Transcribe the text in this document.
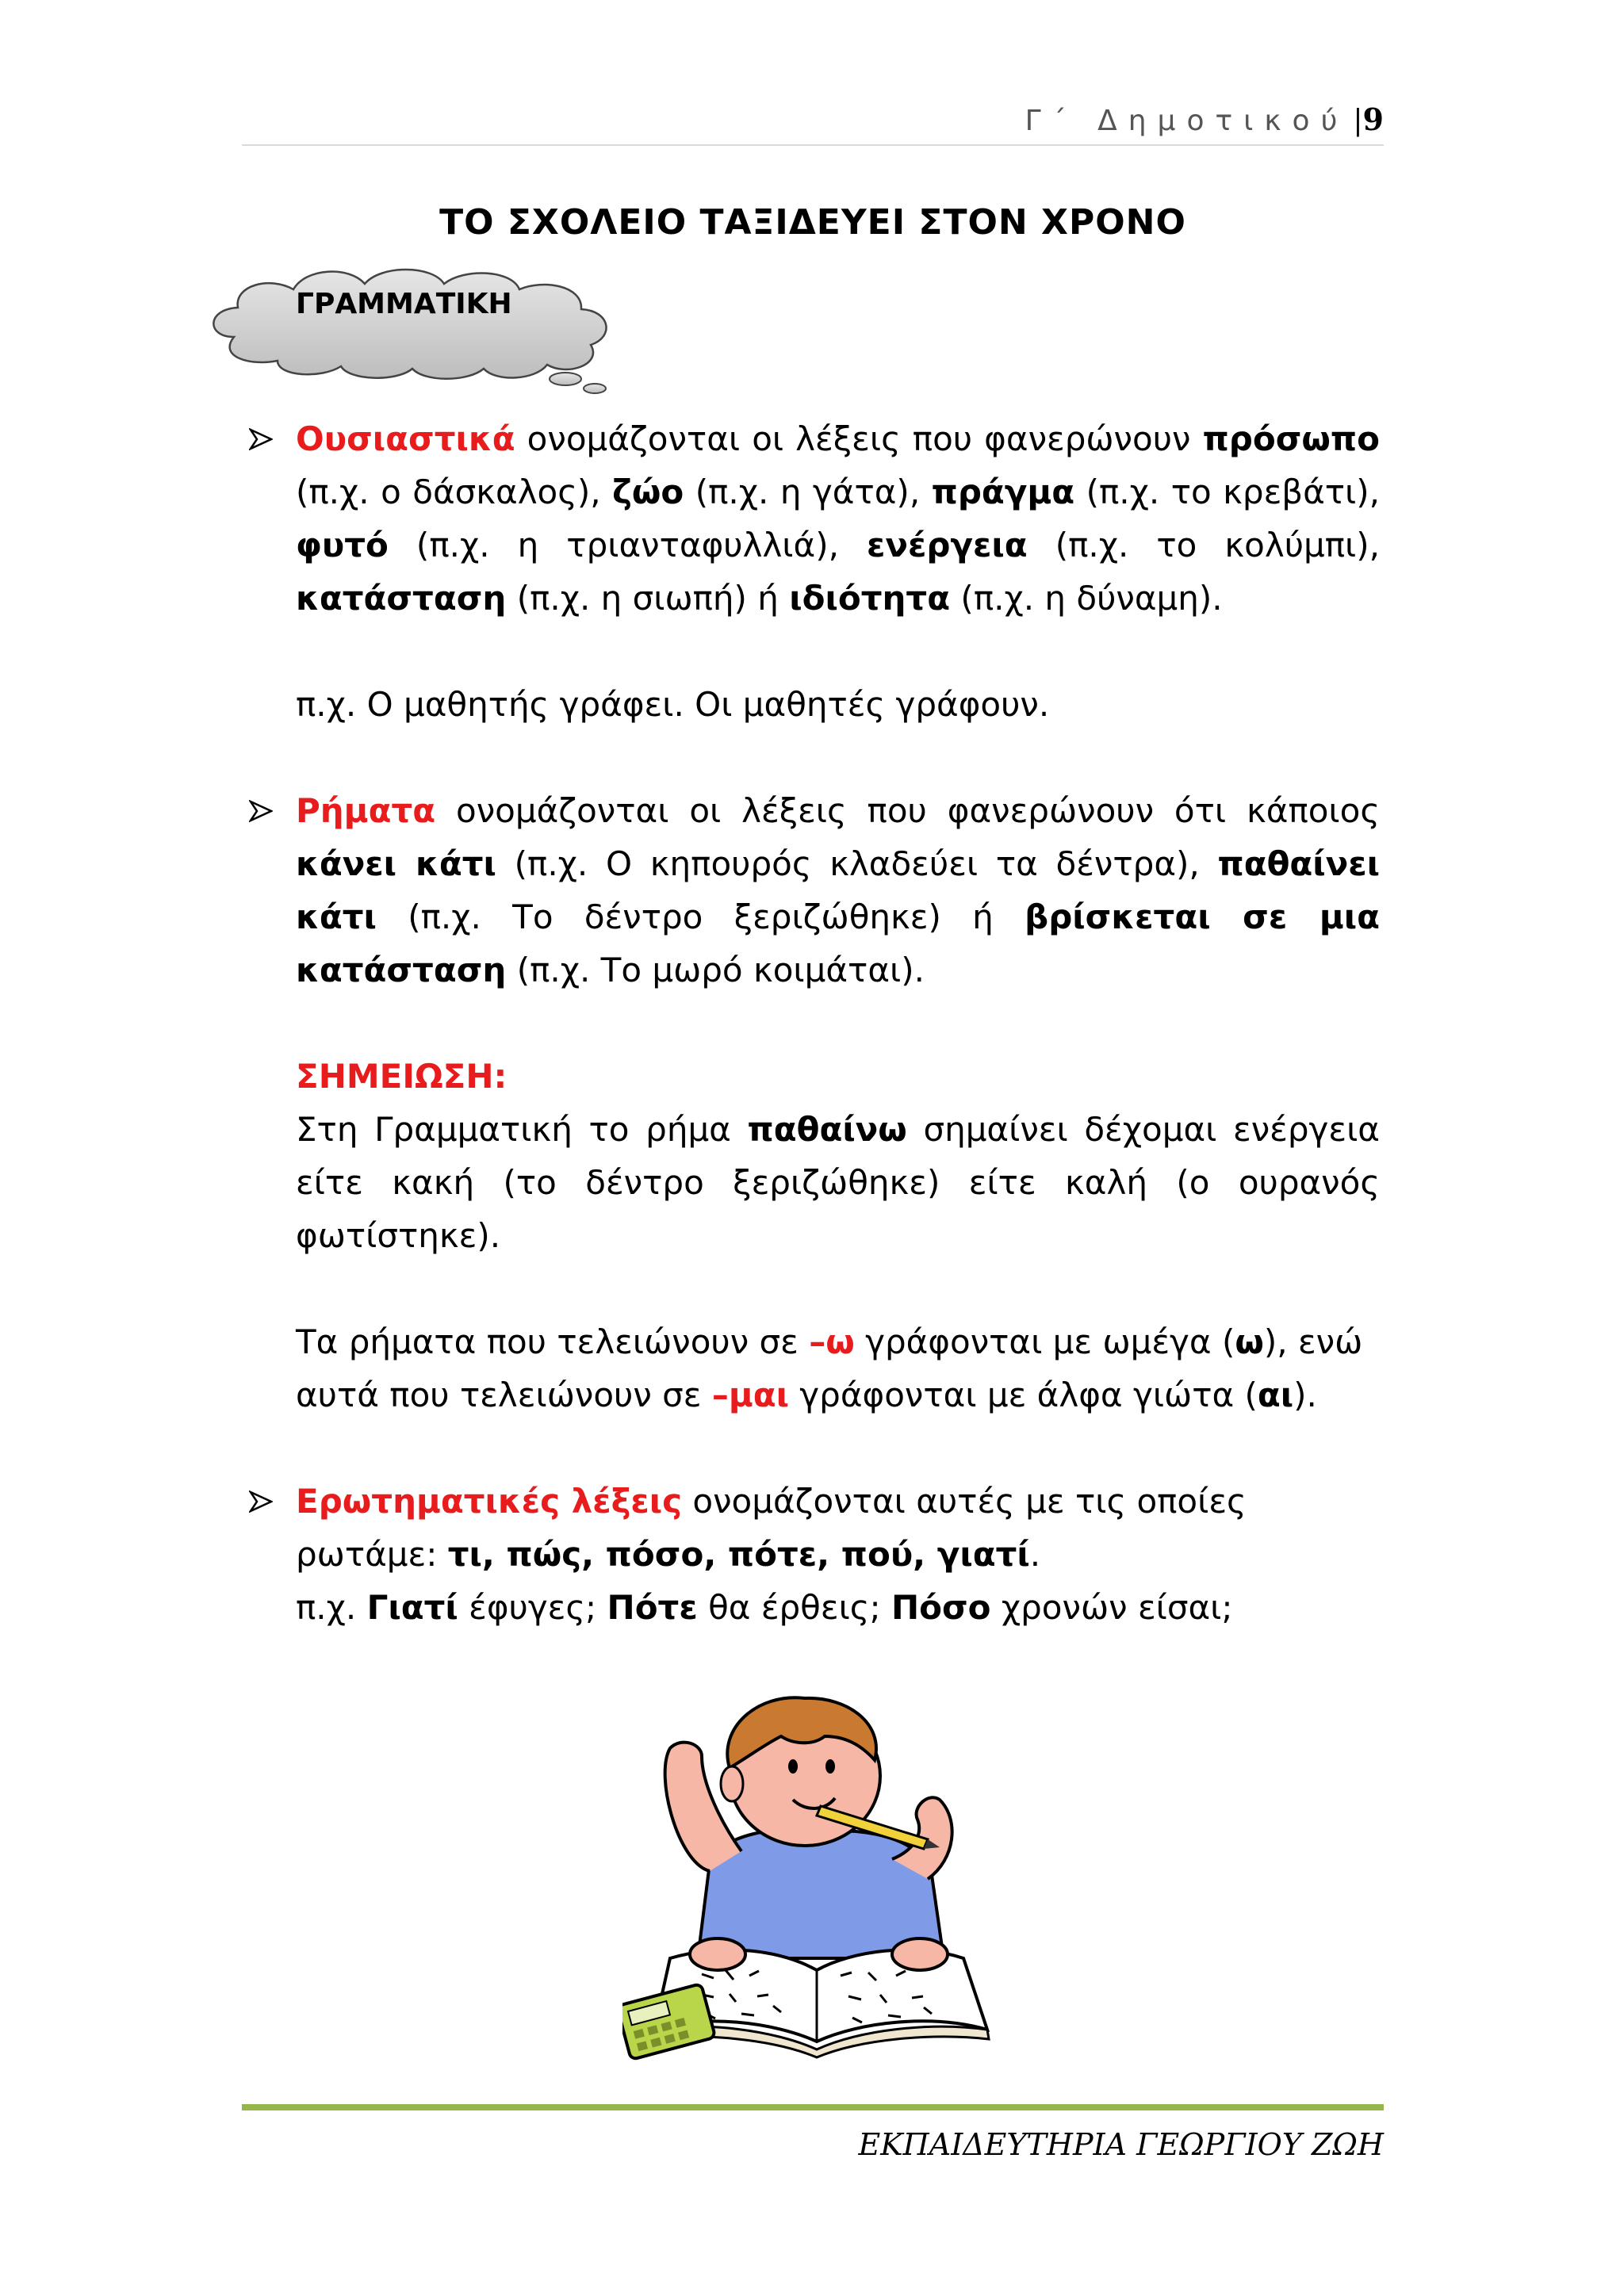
Γ΄ Δημοτικού |9
ΤΟ ΣΧΟΛΕΙΟ ΤΑΞΙΔΕΥΕΙ ΣΤΟΝ ΧΡΟΝΟ
ΓΡΑΜΜΑΤΙΚΗ
Ουσιαστικά ονομάζονται οι λέξεις που φανερώνουν πρόσωπο (π.χ. ο δάσκαλος), ζώο (π.χ. η γάτα), πράγμα (π.χ. το κρεβάτι), φυτό (π.χ. η τριανταφυλλιά), ενέργεια (π.χ. το κολύμπι), κατάσταση (π.χ. η σιωπή) ή ιδιότητα (π.χ. η δύναμη).
π.χ. Ο μαθητής γράφει. Οι μαθητές γράφουν.
Ρήματα ονομάζονται οι λέξεις που φανερώνουν ότι κάποιος κάνει κάτι (π.χ. Ο κηπουρός κλαδεύει τα δέντρα), παθαίνει κάτι (π.χ. Το δέντρο ξεριζώθηκε) ή βρίσκεται σε μια κατάσταση (π.χ. Το μωρό κοιμάται).
ΣΗΜΕΙΩΣΗ:
Στη Γραμματική το ρήμα παθαίνω σημαίνει δέχομαι ενέργεια είτε κακή (το δέντρο ξεριζώθηκε) είτε καλή (ο ουρανός φωτίστηκε).
Τα ρήματα που τελειώνουν σε –ω γράφονται με ωμέγα (ω), ενώ αυτά που τελειώνουν σε –μαι γράφονται με άλφα γιώτα (αι).
Ερωτηματικές λέξεις ονομάζονται αυτές με τις οποίες ρωτάμε: τι, πώς, πόσο, πότε, πού, γιατί.
π.χ. Γιατί έφυγες; Πότε θα έρθεις; Πόσο χρονών είσαι;
ΕΚΠΑΙΔΕΥΤΗΡΙΑ ΓΕΩΡΓΙΟΥ ΖΩΗ
